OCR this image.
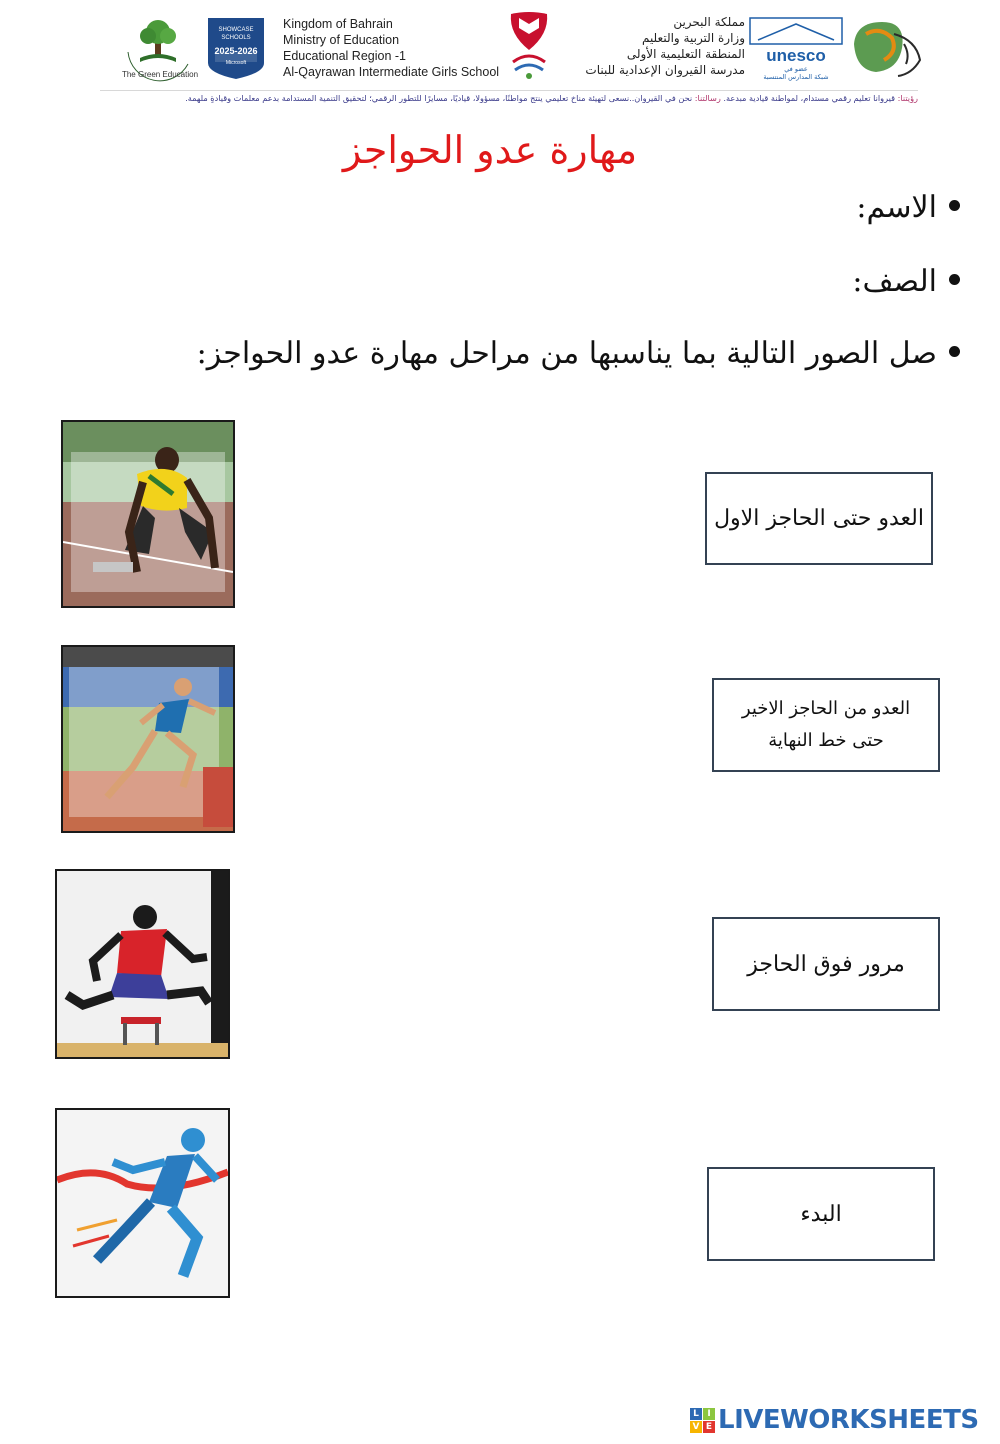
The Green Education
SHOWCASE
SCHOOLS
2025-2026
Microsoft
Kingdom of Bahrain
Ministry of Education
Educational Region -1
Al-Qayrawan Intermediate Girls School
مملكة البحرين
وزارة التربية والتعليم
المنطقة التعليمية الأولى
مدرسة القيروان الإعدادية للبنات
unesco
عضو في
شبكة المدارس المنتسبة
رؤيتنا: قيروانا تعليم رقمي مستدام، لمواطنة قيادية مبدعة. رسالتنا: نحن في القيروان..نسعى لتهيئة مناخ تعليمي ينتج مواطنًا، مسؤولا، قياديًا، مسايرًا للتطور الرقمي؛ لتحقيق التنمية المستدامة بدعم معلمات وقيادةٍ ملهمة.
مهارة عدو الحواجز
الاسم:
الصف:
صل الصور التالية بما يناسبها من مراحل مهارة عدو الحواجز:
العدو حتى الحاجز الاول
العدو من الحاجز الاخير
حتى خط النهاية
مرور فوق الحاجز
البدء
L I
V E LIVEWORKSHEETS
